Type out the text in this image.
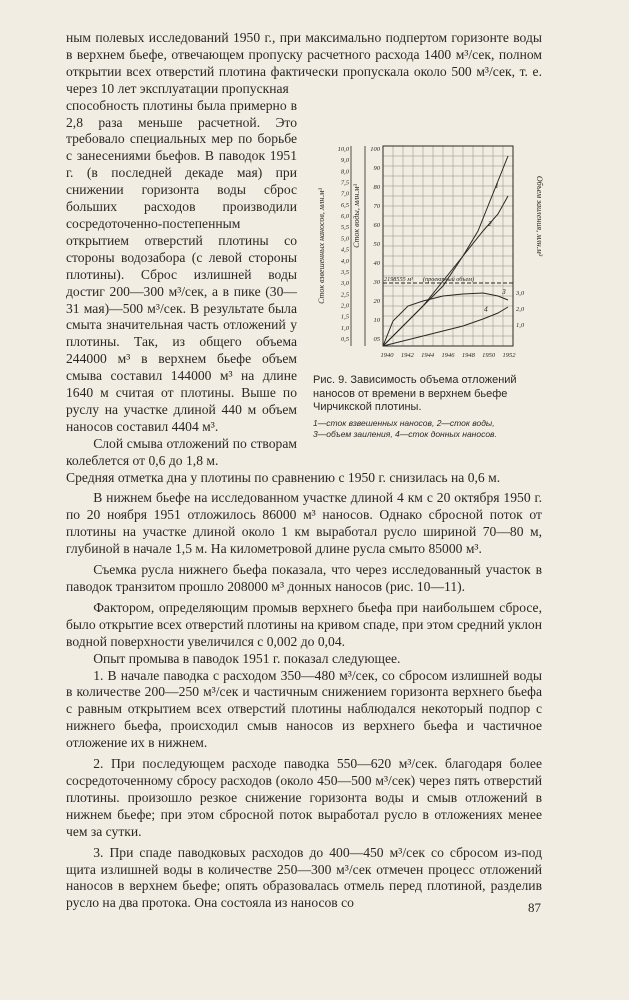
ным полевых исследований 1950 г., при максимально подпертом горизонте воды в верхнем бьефе, отвечающем пропуску расчетного расхода 1400 м³/сек, полном открытии всех отверстий плотина фактически пропускала около 500 м³/сек, т. е. через 10 лет эксплуатации пропускная

способность плотины была примерно в 2,8 раза меньше расчетной. Это требовало специальных мер по борьбе с занесениями бьефов. В паводок 1951 г. (в последней декаде мая) при снижении горизонта воды сброс больших расходов производили сосредоточенно-постепенным открытием отверстий плотины со стороны водозабора (с левой стороны плотины). Сброс излишней воды достиг 200—300 м³/сек, а в пике (30—31 мая)—500 м³/сек. В результате была смыта значительная часть отложений у плотины. Так, из общего объема 244000 м³ в верхнем бьефе объем смыва составил 144000 м³ на длине 1640 м считая от плотины. Выше по руслу на участке длиной 440 м объем наносов составил 4404 м³.

Слой смыва отложений по створам колеблется от 0,6 до 1,8 м.

Средняя отметка дна у плотины по сравнению с 1950 г. снизилась на 0,6 м.

В нижнем бьефе на исследованном участке длиной 4 км с 20 октября 1950 г. по 20 ноября 1951 отложилось 86000 м³ наносов. Однако сбросной поток от плотины на участке длиной около 1 км выработал русло шириной 70—80 м, глубиной в начале 1,5 м. На километровой длине русла смыто 85000 м³.

Съемка русла нижнего бьефа показала, что через исследованный участок в паводок транзитом прошло 208000 м³ донных наносов (рис. 10—11).

Фактором, определяющим промыв верхнего бьефа при наибольшем сбросе, было открытие всех отверстий плотины на кривом спаде, при этом средний уклон водной поверхности увеличился с 0,002 до 0,04.

Опыт промыва в паводок 1951 г. показал следующее.

1. В начале паводка с расходом 350—480 м³/сек, со сбросом излишней воды в количестве 200—250 м³/сек и частичным снижением горизонта верхнего бьефа с равным открытием всех отверстий плотины наблюдался некоторый подпор с нижнего бьефа, происходил смыв наносов из верхнего бьефа и частичное отложение их в нижнем.

2. При последующем расходе паводка 550—620 м³/сек. благодаря более сосредоточенному сбросу расходов (около 450—500 м³/сек) через пять отверстий плотины. произошло резкое снижение горизонта воды и смыв отложений в нижнем бьефе; при этом сбросной поток выработал русло в отложениях менее чем за сутки.

3. При спаде паводковых расходов до 400—450 м³/сек со сбросом из-под щита излишней воды в количестве 250—300 м³/сек отмечен процесс отложений наносов в верхнем бьефе; опять образовалась отмель перед плотиной, разделив русло на два протока. Она состояла из наносов со

0,5
1,0
1,5
2,0
2,5
3,0
3,5
4,0
4,5
5,0
5,5
6,0
6,5
7,0
7,5
8,0
9,0
10,0
Сток взвешенных наносов, млн.м³
05
10
20
30
40
50
60
70
80
90
100
Сток воды, млн.м³
1,0
2,0
3,0
Объем заиления, млн.м³
1940 1942 1944 1946 1948 1950 1952
2198555 м³ (проектный объем)
1
2
3
4
Рис. 9. Зависимость объема отложений наносов от времени в верхнем бьефе Чирчикской плотины.
1—сток взвешенных наносов, 2—сток воды,
3—объем заиления, 4—сток донных наносов.
87
